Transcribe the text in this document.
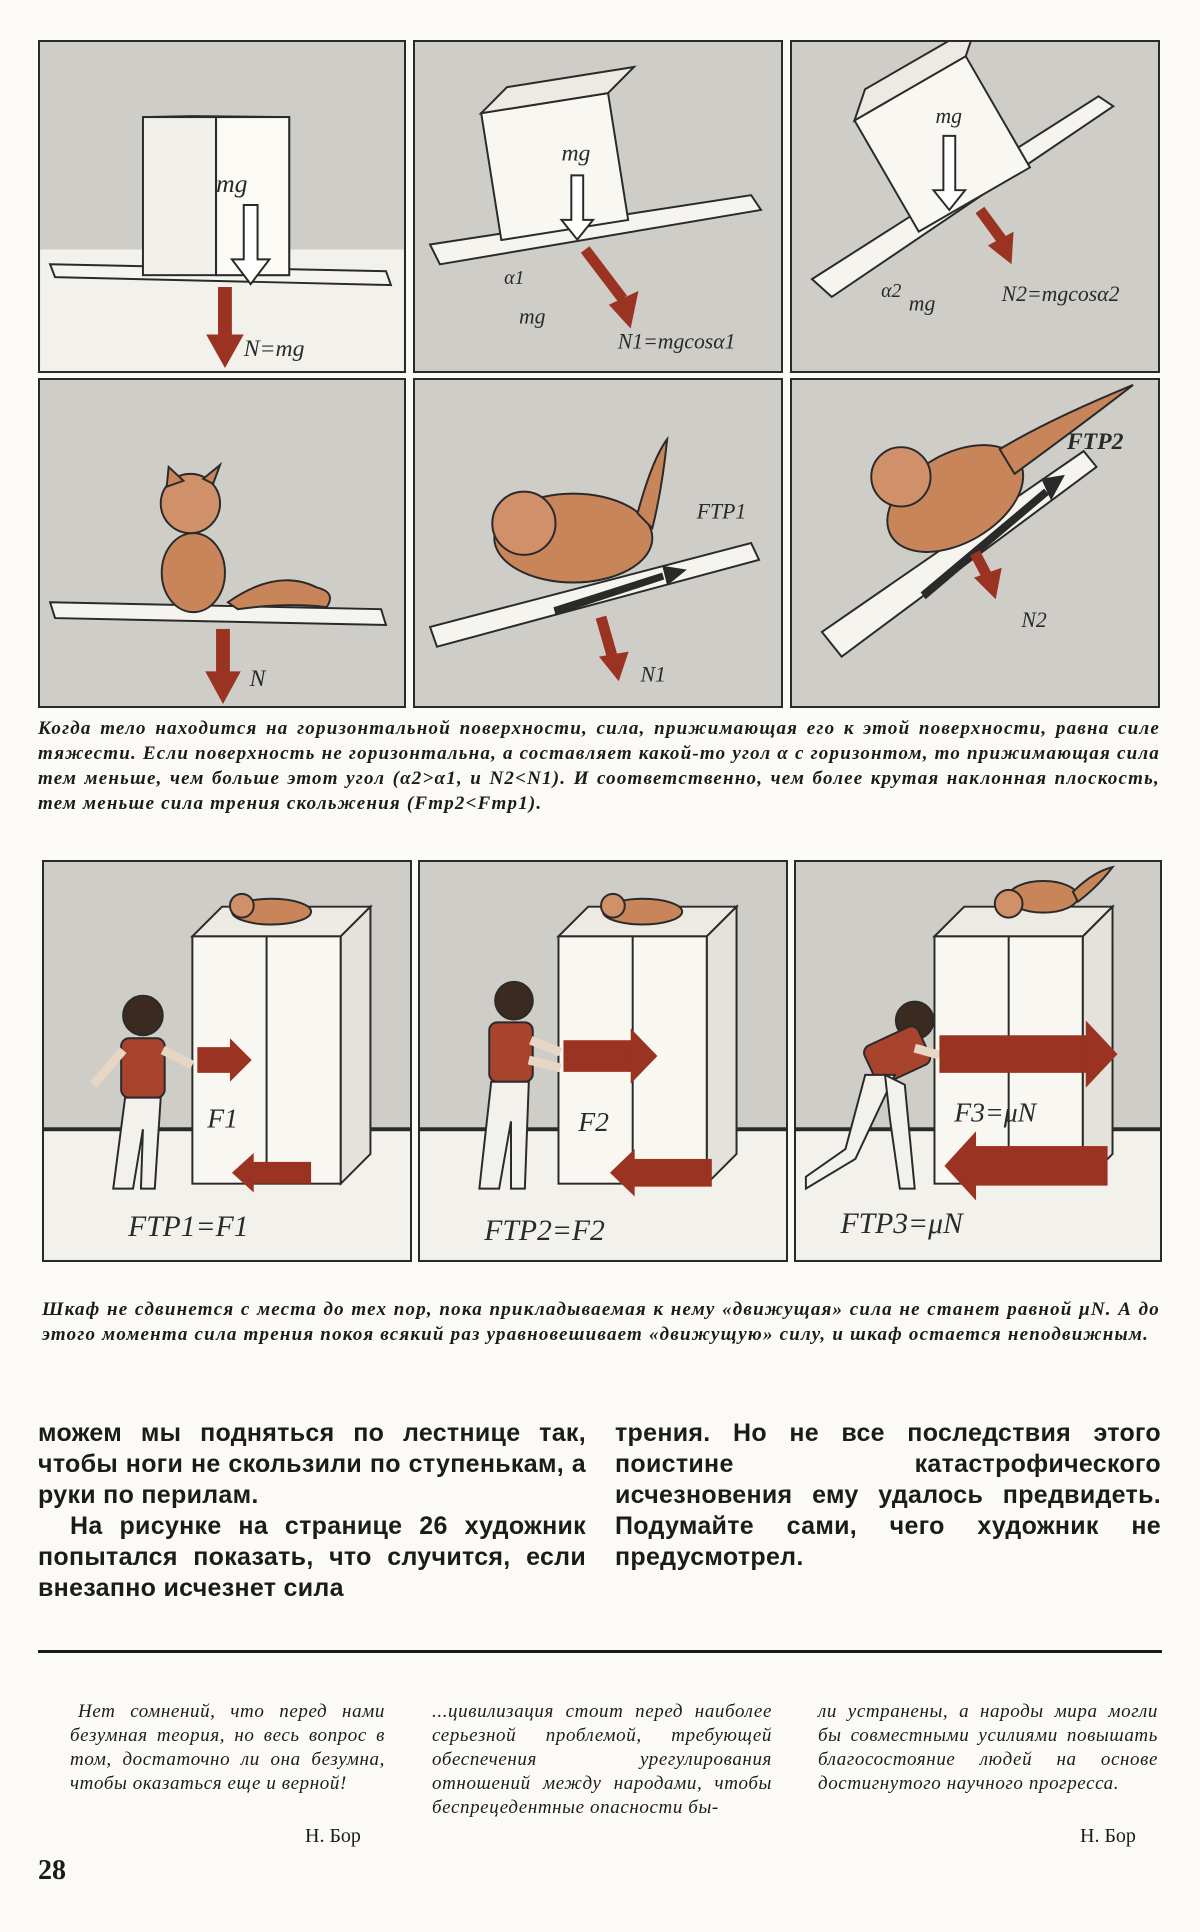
mg
N=mg
mg
α1
mg
N1=mgcosα1
mg
α2
mg	N2=mgcosα2
N
FTP1
N1
FTP2
N2
Когда тело находится на горизонтальной поверхности, сила, прижимающая его к этой поверхности, равна силе тяжести. Если поверхность не горизонтальна, а составляет какой-то угол α с горизонтом, то прижимающая сила тем меньше, чем больше этот угол (α2>α1, и N2<N1). И соответственно, чем более крутая наклонная плоскость, тем меньше сила трения скольжения (Fтр2<Fтр1).
F1
FTP1=F1
F2
FTP2=F2
F3=μN
FTP3=μN
Шкаф не сдвинется с места до тех пор, пока прикладываемая к нему «движущая» сила не станет равной μN. А до этого момента сила трения покоя всякий раз уравновешивает «движущую» силу, и шкаф остается неподвижным.

можем мы подняться по лестнице так, чтобы ноги не скользили по ступенькам, а руки по перилам.

На рисунке на странице 26 художник попытался показать, что случится, если внезапно исчезнет сила

трения. Но не все последствия этого поистине катастрофического исчезновения ему удалось предвидеть. Подумайте сами, чего художник не предусмотрел.

Нет сомнений, что перед нами безумная теория, но весь вопрос в том, достаточно ли она безумна, чтобы оказаться еще и верной!
Н. Бор
...цивилизация стоит перед наиболее серьезной проблемой, требующей обеспечения урегулирования отношений между народами, чтобы беспрецедентные опасности бы-
ли устранены, а народы мира могли бы совместными усилиями повышать благосостояние людей на основе достигнутого научного прогресса.
Н. Бор
28
